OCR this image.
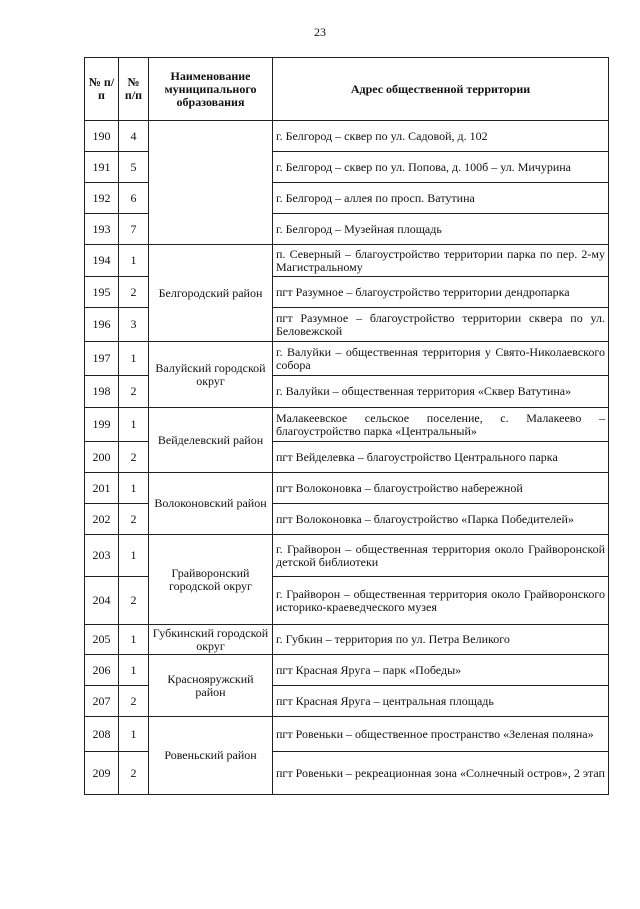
23
№ п/п	№ п/п	Наименование муниципального образования	Адрес общественной территории
190	4		г. Белгород – сквер по ул. Садовой, д. 102
191	5		г. Белгород – сквер по ул. Попова, д. 100б – ул. Мичурина
192	6		г. Белгород – аллея по просп. Ватутина
193	7		г. Белгород – Музейная площадь
194	1	Белгородский район	п. Северный – благоустройство территории парка по пер. 2-му Магистральному
195	2		пгт Разумное – благоустройство территории дендропарка
196	3		пгт Разумное – благоустройство территории сквера по ул. Беловежской
197	1	Валуйский городской округ	г. Валуйки – общественная территория у Свято-Николаевского собора
198	2		г. Валуйки – общественная территория «Сквер Ватутина»
199	1	Вейделевский район	Малакеевское сельское поселение, с. Малакеево – благоустройство парка «Центральный»
200	2		пгт Вейделевка – благоустройство Центрального парка
201	1	Волоконовский район	пгт Волоконовка – благоустройство набережной
202	2		пгт Волоконовка – благоустройство «Парка Победителей»
203	1	Грайворонский городской округ	г. Грайворон – общественная территория около Грайворонской детской библиотеки
204	2		г. Грайворон – общественная территория около Грайворонского историко-краеведческого музея
205	1	Губкинский городской округ	г. Губкин – территория по ул. Петра Великого
206	1	Краснояружский район	пгт Красная Яруга – парк «Победы»
207	2		пгт Красная Яруга – центральная площадь
208	1	Ровеньский район	пгт Ровеньки – общественное пространство «Зеленая поляна»
209	2		пгт Ровеньки – рекреационная зона «Солнечный остров», 2 этап
